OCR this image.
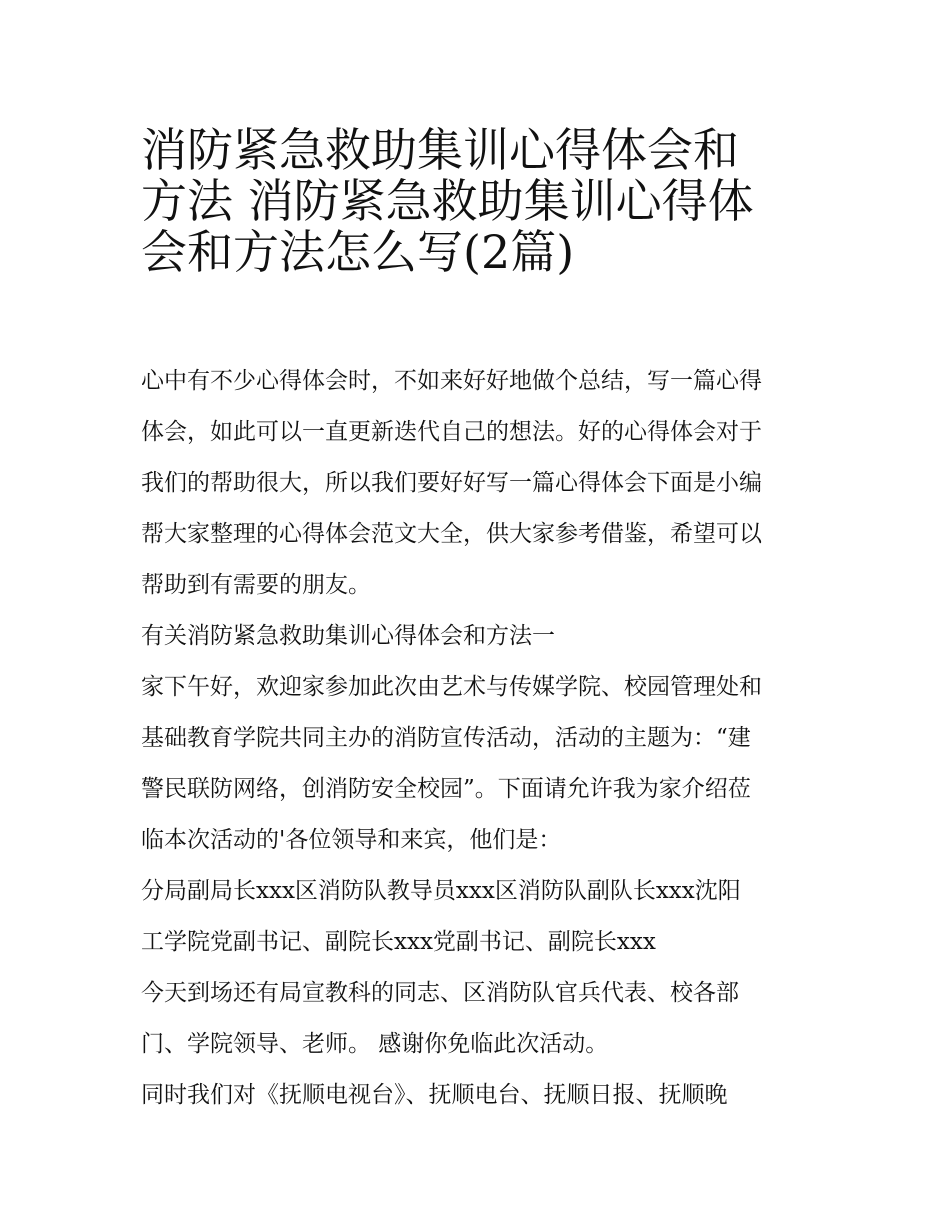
消防紧急救助集训心得体会和
方法 消防紧急救助集训心得体
会和方法怎么写(2篇)
心中有不少心得体会时，不如来好好地做个总结，写一篇心得
体会，如此可以一直更新迭代自己的想法。好的心得体会对于
我们的帮助很大，所以我们要好好写一篇心得体会下面是小编
帮大家整理的心得体会范文大全，供大家参考借鉴，希望可以
帮助到有需要的朋友。
有关消防紧急救助集训心得体会和方法一
家下午好，欢迎家参加此次由艺术与传媒学院、校园管理处和
基础教育学院共同主办的消防宣传活动，活动的主题为：“建
警民联防网络，创消防安全校园”。下面请允许我为家介绍莅
临本次活动的'各位领导和来宾，他们是：
分局副局长xxx区消防队教导员xxx区消防队副队长xxx沈阳
工学院党副书记、副院长xxx党副书记、副院长xxx
今天到场还有局宣教科的同志、区消防队官兵代表、校各部
门、学院领导、老师。 感谢你免临此次活动。
同时我们对《抚顺电视台》、抚顺电台、抚顺日报、抚顺晚
